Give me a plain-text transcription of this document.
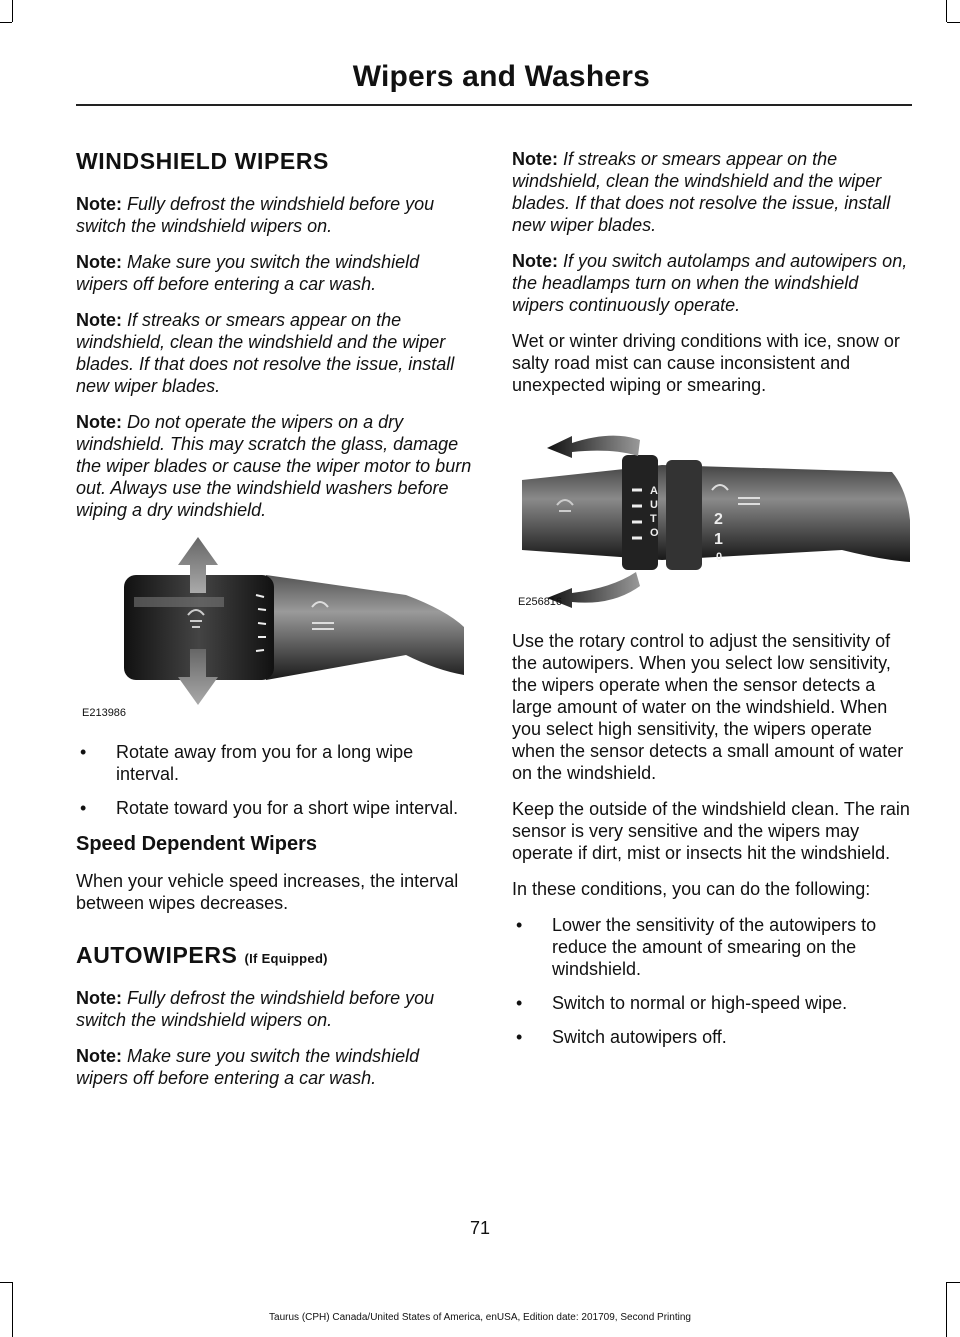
Wipers and Washers
WINDSHIELD WIPERS

Note: Fully defrost the windshield before you switch the windshield wipers on.

Note: Make sure you switch the windshield wipers off before entering a car wash.

Note: If streaks or smears appear on the windshield, clean the windshield and the wiper blades. If that does not resolve the issue, install new wiper blades.

Note: Do not operate the wipers on a dry windshield. This may scratch the glass, damage the wiper blades or cause the wiper motor to burn out. Always use the windshield washers before wiping a dry windshield.

E213986
• Rotate away from you for a long wipe interval.
• Rotate toward you for a short wipe interval.
Speed Dependent Wipers

When your vehicle speed increases, the interval between wipes decreases.

AUTOWIPERS (If Equipped)

Note: Fully defrost the windshield before you switch the windshield wipers on.

Note: Make sure you switch the windshield wipers off before entering a car wash.

Note: If streaks or smears appear on the windshield, clean the windshield and the wiper blades. If that does not resolve the issue, install new wiper blades.

Note: If you switch autolamps and autowipers on, the headlamps turn on when the windshield wipers continuously operate.

Wet or winter driving conditions with ice, snow or salty road mist can cause inconsistent and unexpected wiping or smearing.

A
U
T
O
2
1
0
E256816

Use the rotary control to adjust the sensitivity of the autowipers. When you select low sensitivity, the wipers operate when the sensor detects a large amount of water on the windshield. When you select high sensitivity, the wipers operate when the sensor detects a small amount of water on the windshield.

Keep the outside of the windshield clean. The rain sensor is very sensitive and the wipers may operate if dirt, mist or insects hit the windshield.

In these conditions, you can do the following:

• Lower the sensitivity of the autowipers to reduce the amount of smearing on the windshield.
• Switch to normal or high-speed wipe.
• Switch autowipers off.
71
Taurus (CPH) Canada/United States of America, enUSA, Edition date: 201709, Second Printing
